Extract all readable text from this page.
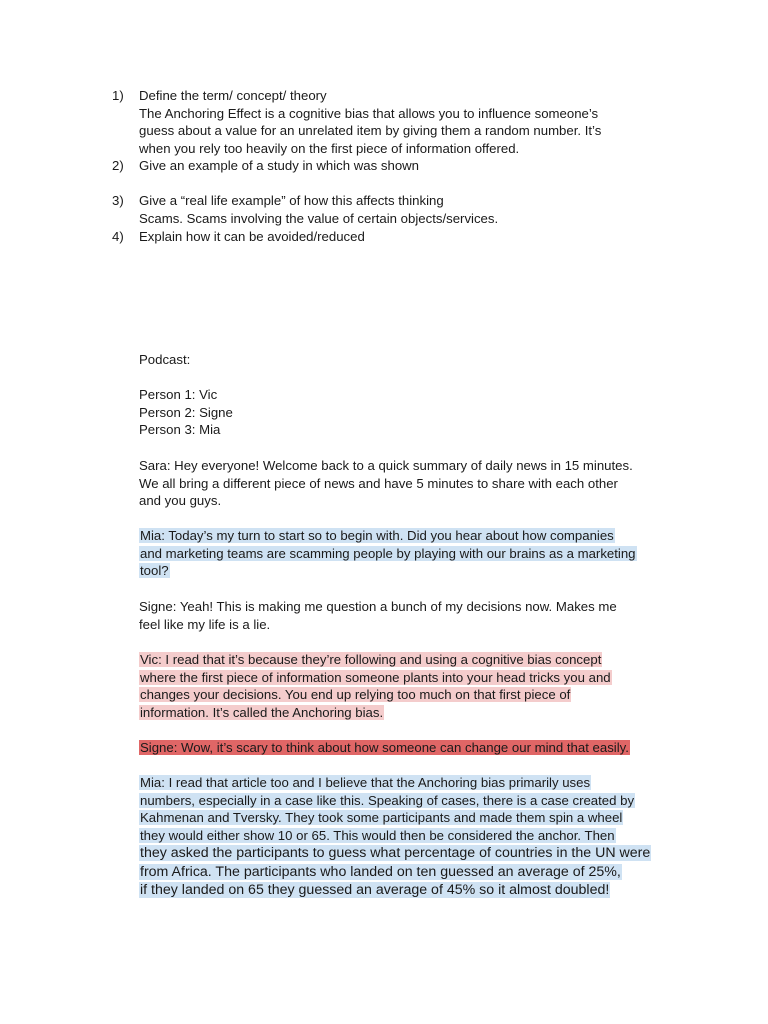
1)	Define the term/ concept/ theory
The Anchoring Effect is a cognitive bias that allows you to influence someone’s
guess about a value for an unrelated item by giving them a random number. It’s
when you rely too heavily on the first piece of information offered.
2)	Give an example of a study in which was shown
3)	Give a “real life example” of how this affects thinking
Scams. Scams involving the value of certain objects/services.
4)	Explain how it can be avoided/reduced
Podcast:
Person 1: Vic
Person 2: Signe
Person 3: Mia
Sara: Hey everyone! Welcome back to a quick summary of daily news in 15 minutes.
We all bring a different piece of news and have 5 minutes to share with each other
and you guys.
Mia: Today’s my turn to start so to begin with. Did you hear about how companies
and marketing teams are scamming people by playing with our brains as a marketing
tool?
Signe: Yeah! This is making me question a bunch of my decisions now. Makes me
feel like my life is a lie.
Vic: I read that it’s because they’re following and using a cognitive bias concept
where the first piece of information someone plants into your head tricks you and
changes your decisions. You end up relying too much on that first piece of
information. It’s called the Anchoring bias.
Signe: Wow, it’s scary to think about how someone can change our mind that easily.
Mia: I read that article too and I believe that the Anchoring bias primarily uses
numbers, especially in a case like this. Speaking of cases, there is a case created by
Kahmenan and Tversky. They took some participants and made them spin a wheel
they would either show 10 or 65. This would then be considered the anchor. Then
they asked the participants to guess what percentage of countries in the UN were
from Africa. The participants who landed on ten guessed an average of 25%,
if they landed on 65 they guessed an average of 45% so it almost doubled!
